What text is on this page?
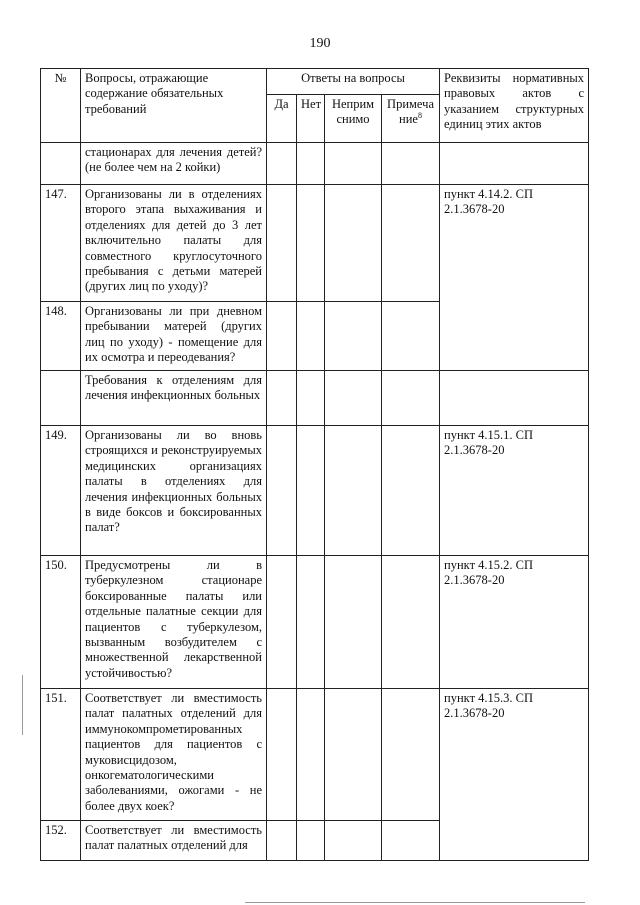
190
№	Вопросы, отражающие содержание обязательных требований	Ответы на вопросы				Реквизиты нормативных правовых актов с указанием структурных единиц этих актов
		Да	Нет	Неприм снимо	Примеча ние$^8$
	стационарах для лечения детей? (не более чем на 2 койки)					
147.	Организованы ли в отделениях второго этапа выхаживания и отделениях для детей до 3 лет включительно палаты для совместного круглосуточного пребывания с детьми матерей (других лиц по уходу)?					пункт 4.14.2. СП 2.1.3678-20
148.	Организованы ли при дневном пребывании матерей (других лиц по уходу) - помещение для их осмотра и переодевания?					
	Требования к отделениям для лечения инфекционных больных					
149.	Организованы ли во вновь строящихся и реконструируемых медицинских организациях палаты в отделениях для лечения инфекционных больных в виде боксов и боксированных палат?					пункт 4.15.1. СП 2.1.3678-20
150.	Предусмотрены ли в туберкулезном стационаре боксированные палаты или отдельные палатные секции для пациентов с туберкулезом, вызванным возбудителем с множественной лекарственной устойчивостью?					пункт 4.15.2. СП 2.1.3678-20
151.	Соответствует ли вместимость палат палатных отделений для иммунокомпрометированных пациентов для пациентов с муковисцидозом, онкогематологическими заболеваниями, ожогами - не более двух коек?					пункт 4.15.3. СП 2.1.3678-20
152.	Соответствует ли вместимость палат палатных отделений для					
